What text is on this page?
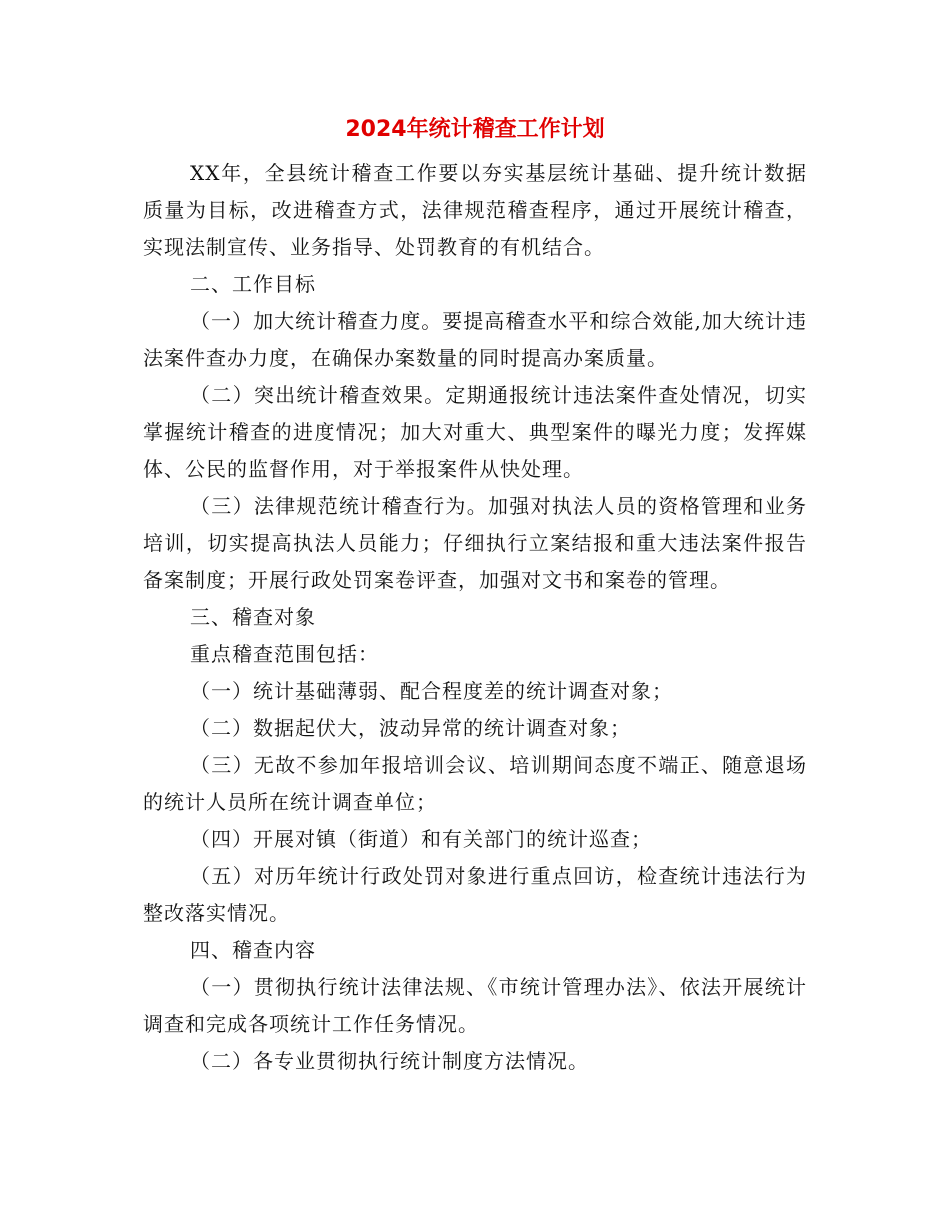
2024年统计稽查工作计划

XX年，全县统计稽查工作要以夯实基层统计基础、提升统计数据质量为目标，改进稽查方式，法律规范稽查程序，通过开展统计稽查，实现法制宣传、业务指导、处罚教育的有机结合。

二、工作目标

（一）加大统计稽查力度。要提高稽查水平和综合效能,加大统计违法案件查办力度，在确保办案数量的同时提高办案质量。

（二）突出统计稽查效果。定期通报统计违法案件查处情况，切实掌握统计稽查的进度情况；加大对重大、典型案件的曝光力度；发挥媒体、公民的监督作用，对于举报案件从快处理。

（三）法律规范统计稽查行为。加强对执法人员的资格管理和业务培训，切实提高执法人员能力；仔细执行立案结报和重大违法案件报告备案制度；开展行政处罚案卷评查，加强对文书和案卷的管理。

三、稽查对象

重点稽查范围包括：

（一）统计基础薄弱、配合程度差的统计调查对象；

（二）数据起伏大，波动异常的统计调查对象；

（三）无故不参加年报培训会议、培训期间态度不端正、随意退场的统计人员所在统计调查单位；

（四）开展对镇（街道）和有关部门的统计巡查；

（五）对历年统计行政处罚对象进行重点回访，检查统计违法行为整改落实情况。

四、稽查内容

（一）贯彻执行统计法律法规、《市统计管理办法》、依法开展统计调查和完成各项统计工作任务情况。

（二）各专业贯彻执行统计制度方法情况。
